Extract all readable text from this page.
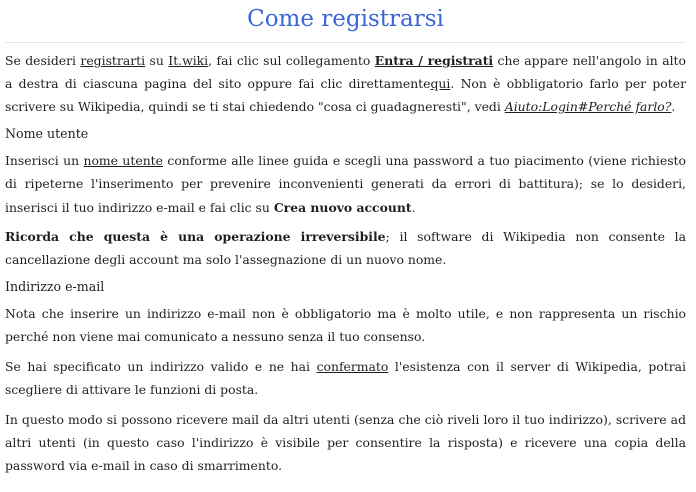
Come registrarsi

Se desideri registrarti su It.wiki, fai clic sul collegamento Entra / registrati che appare nell'angolo in alto a destra di ciascuna pagina del sito oppure fai clic direttamentequi. Non è obbligatorio farlo per poter scrivere su Wikipedia, quindi se ti stai chiedendo "cosa ci guadagneresti", vedi Aiuto:Login#Perché farlo?.

Nome utente

Inserisci un nome utente conforme alle linee guida e scegli una password a tuo piacimento (viene richiesto di ripeterne l'inserimento per prevenire inconvenienti generati da errori di battitura); se lo desideri, inserisci il tuo indirizzo e-mail e fai clic su Crea nuovo account.

Ricorda che questa è una operazione irreversibile; il software di Wikipedia non consente la cancellazione degli account ma solo l'assegnazione di un nuovo nome.

Indirizzo e-mail

Nota che inserire un indirizzo e-mail non è obbligatorio ma è molto utile, e non rappresenta un rischio perché non viene mai comunicato a nessuno senza il tuo consenso.

Se hai specificato un indirizzo valido e ne hai confermato l'esistenza con il server di Wikipedia, potrai scegliere di attivare le funzioni di posta.

In questo modo si possono ricevere mail da altri utenti (senza che ciò riveli loro il tuo indirizzo), scrivere ad altri utenti (in questo caso l'indirizzo è visibile per consentire la risposta) e ricevere una copia della password via e-mail in caso di smarrimento.
